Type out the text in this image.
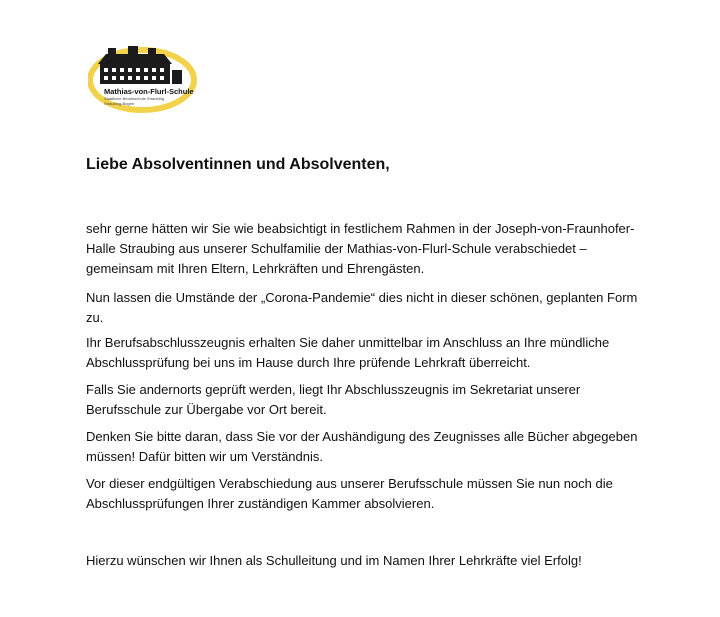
Mathias-von-Flurl-Schule
Staatliche Berufsschule Straubing
Straubing-Bogen
Liebe Absolventinnen und Absolventen,

sehr gerne hätten wir Sie wie beabsichtigt in festlichem Rahmen in der Joseph-von-Fraunhofer-Halle Straubing aus unserer Schulfamilie der Mathias-von-Flurl-Schule verabschiedet – gemeinsam mit Ihren Eltern, Lehrkräften und Ehrengästen.

Nun lassen die Umstände der „Corona-Pandemie“ dies nicht in dieser schönen, geplanten Form zu.

Ihr Berufsabschlusszeugnis erhalten Sie daher unmittelbar im Anschluss an Ihre mündliche Abschlussprüfung bei uns im Hause durch Ihre prüfende Lehrkraft überreicht.

Falls Sie andernorts geprüft werden, liegt Ihr Abschlusszeugnis im Sekretariat unserer Berufsschule zur Übergabe vor Ort bereit.

Denken Sie bitte daran, dass Sie vor der Aushändigung des Zeugnisses alle Bücher abgegeben müssen! Dafür bitten wir um Verständnis.

Vor dieser endgültigen Verabschiedung aus unserer Berufsschule müssen Sie nun noch die Abschlussprüfungen Ihrer zuständigen Kammer absolvieren.

Hierzu wünschen wir Ihnen als Schulleitung und im Namen Ihrer Lehrkräfte viel Erfolg!
